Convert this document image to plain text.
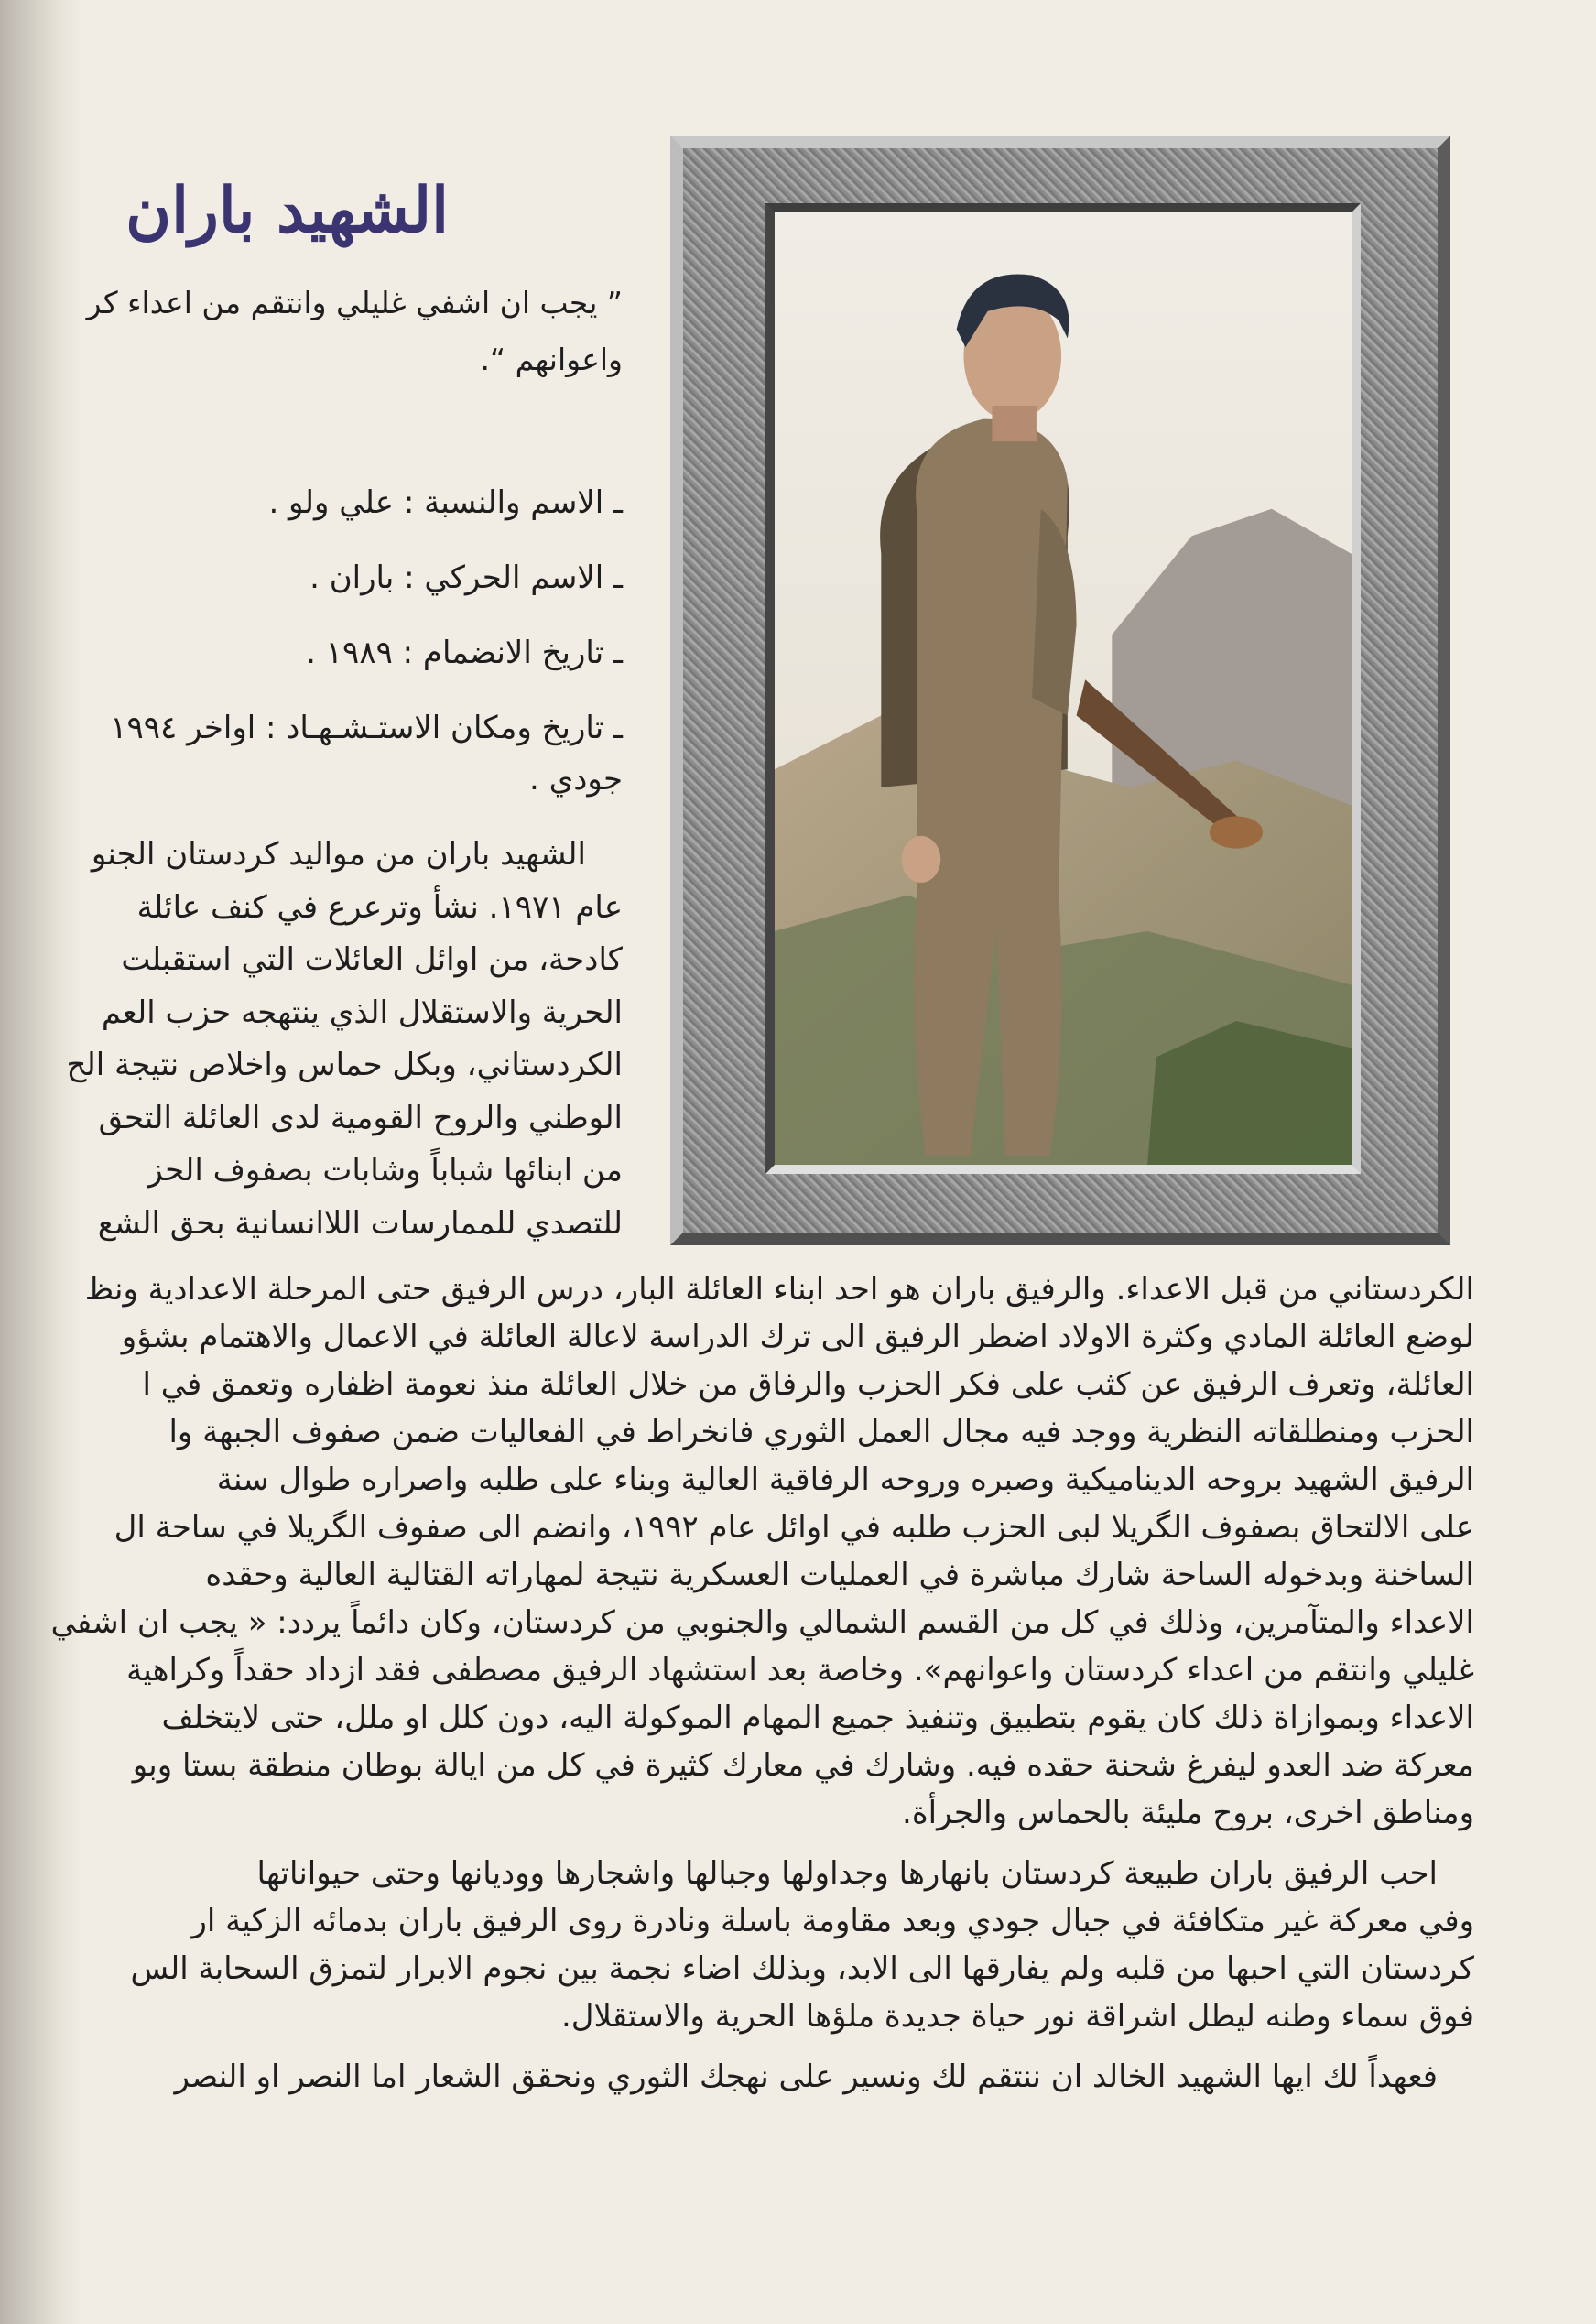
الشهيد باران
” يجب ان اشفي غليلي وانتقم من اعداء كر
واعوانهم “.
ـ الاسم والنسبة : علي ولو .
ـ الاسم الحركي : باران .
ـ تاريخ الانضمام : ١٩٨٩ .
ـ تاريخ ومكان الاستـشـهـاد : اواخر ١٩٩٤
جودي .
الشهيد باران من مواليد كردستان الجنو
عام ١٩٧١. نشأ وترعرع في كنف عائلة
كادحة، من اوائل العائلات التي استقبلت
الحرية والاستقلال الذي ينتهجه حزب العم
الكردستاني، وبكل حماس واخلاص نتيجة الح
الوطني والروح القومية لدى العائلة التحق
من ابنائها شباباً وشابات بصفوف الحز
للتصدي للممارسات اللاانسانية بحق الشع
الكردستاني من قبل الاعداء. والرفيق باران هو احد ابناء العائلة البار، درس الرفيق حتى المرحلة الاعدادية ونظ
لوضع العائلة المادي وكثرة الاولاد اضطر الرفيق الى ترك الدراسة لاعالة العائلة في الاعمال والاهتمام بشؤو
العائلة، وتعرف الرفيق عن كثب على فكر الحزب والرفاق من خلال العائلة منذ نعومة اظفاره وتعمق في ا
الحزب ومنطلقاته النظرية ووجد فيه مجال العمل الثوري فانخراط في الفعاليات ضمن صفوف الجبهة وا
الرفيق الشهيد بروحه الديناميكية وصبره وروحه الرفاقية العالية وبناء على طلبه واصراره طوال سنة
على الالتحاق بصفوف الگريلا لبى الحزب طلبه في اوائل عام ١٩٩٢، وانضم الى صفوف الگريلا في ساحة ال
الساخنة وبدخوله الساحة شارك مباشرة في العمليات العسكرية نتيجة لمهاراته القتالية العالية وحقده
الاعداء والمتآمرين، وذلك في كل من القسم الشمالي والجنوبي من كردستان، وكان دائماً يردد: « يجب ان اشفي
غليلي وانتقم من اعداء كردستان واعوانهم». وخاصة بعد استشهاد الرفيق مصطفى فقد ازداد حقداً وكراهية
الاعداء وبموازاة ذلك كان يقوم بتطبيق وتنفيذ جميع المهام الموكولة اليه، دون كلل او ملل، حتى لايتخلف
معركة ضد العدو ليفرغ شحنة حقده فيه. وشارك في معارك كثيرة في كل من ايالة بوطان منطقة بستا وبو
ومناطق اخرى، بروح مليئة بالحماس والجرأة.
احب الرفيق باران طبيعة كردستان بانهارها وجداولها وجبالها واشجارها ووديانها وحتى حيواناتها
وفي معركة غير متكافئة في جبال جودي وبعد مقاومة باسلة ونادرة روى الرفيق باران بدمائه الزكية ار
كردستان التي احبها من قلبه ولم يفارقها الى الابد، وبذلك اضاء نجمة بين نجوم الابرار لتمزق السحابة الس
فوق سماء وطنه ليطل اشراقة نور حياة جديدة ملؤها الحرية والاستقلال.
فعهداً لك ايها الشهيد الخالد ان ننتقم لك ونسير على نهجك الثوري ونحقق الشعار اما النصر او النصر
